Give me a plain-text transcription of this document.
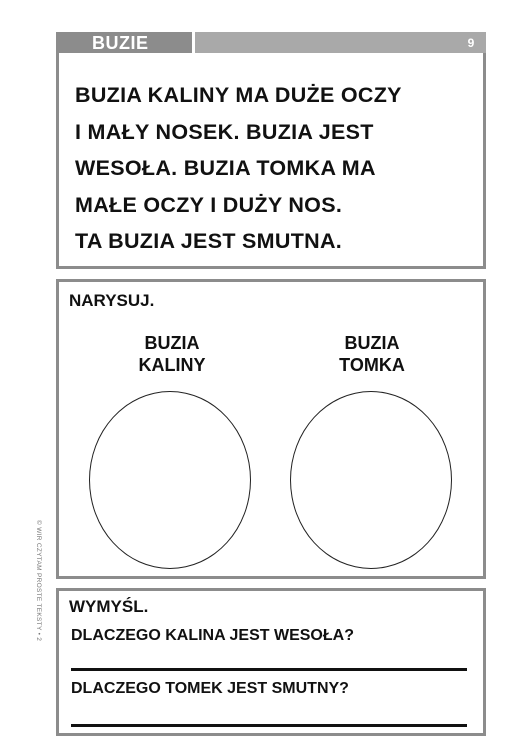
BUZIE	9
BUZIA KALINY MA DUŻE OCZY
I MAŁY NOSEK. BUZIA JEST
WESOŁA. BUZIA TOMKA MA
MAŁE OCZY I DUŻY NOS.
TA BUZIA JEST SMUTNA.
NARYSUJ.
BUZIA
KALINY
BUZIA
TOMKA
WYMYŚL.
DLACZEGO KALINA JEST WESOŁA?
DLACZEGO TOMEK JEST SMUTNY?
© WIR CZYTAM PROSTE TEKSTY • 2
